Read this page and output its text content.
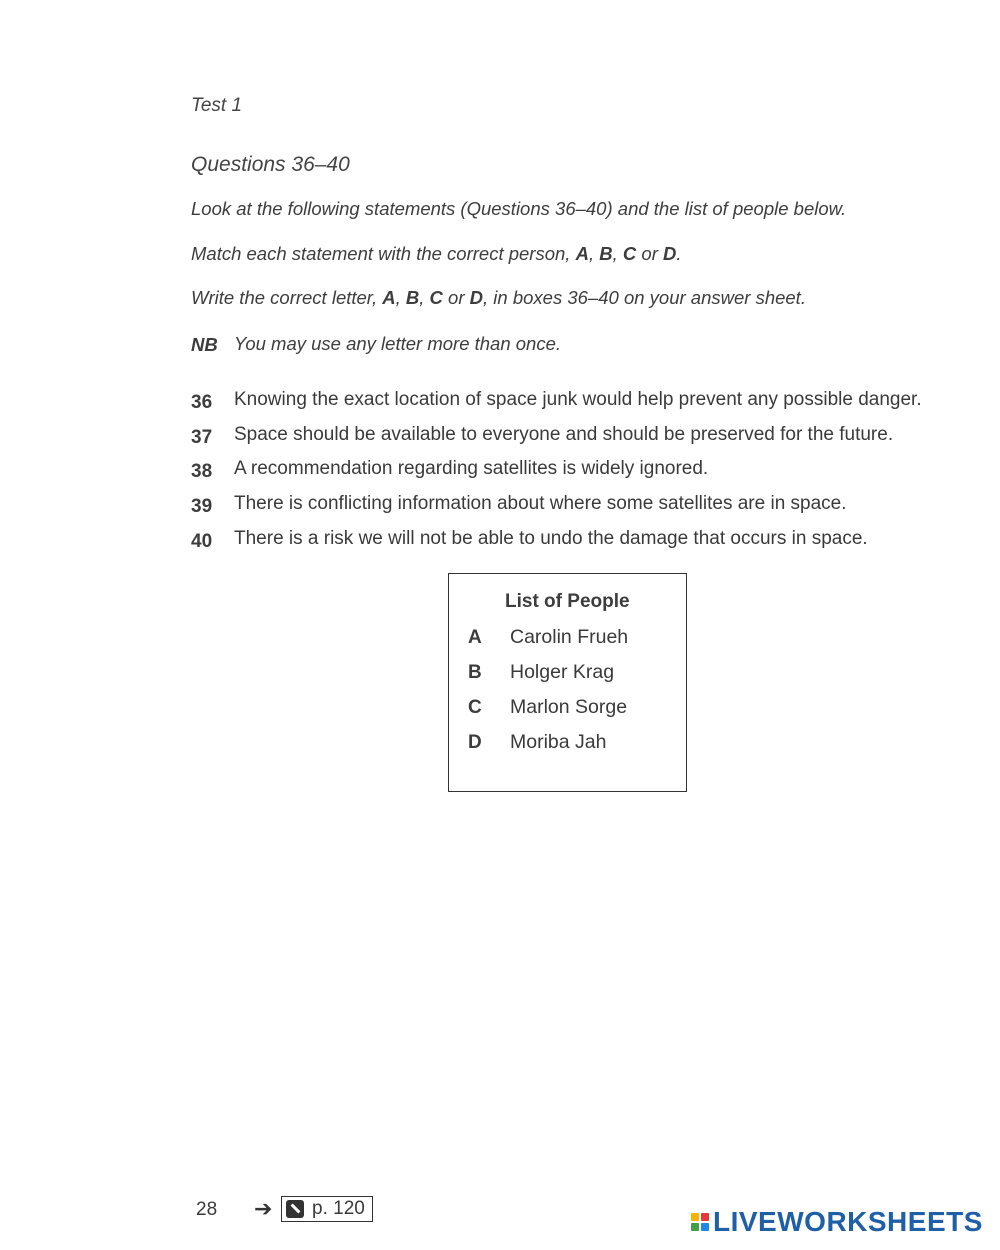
Test 1
Questions 36–40
Look at the following statements (Questions 36–40) and the list of people below.
Match each statement with the correct person, A, B, C or D.
Write the correct letter, A, B, C or D, in boxes 36–40 on your answer sheet.
NB You may use any letter more than once.
36 Knowing the exact location of space junk would help prevent any possible danger.
37 Space should be available to everyone and should be preserved for the future.
38 A recommendation regarding satellites is widely ignored.
39 There is conflicting information about where some satellites are in space.
40 There is a risk we will not be able to undo the damage that occurs in space.
List of People
A Carolin Frueh
B Holger Krag
C Marlon Sorge
D Moriba Jah
28 ➔ p. 120	LIVEWORKSHEETS
